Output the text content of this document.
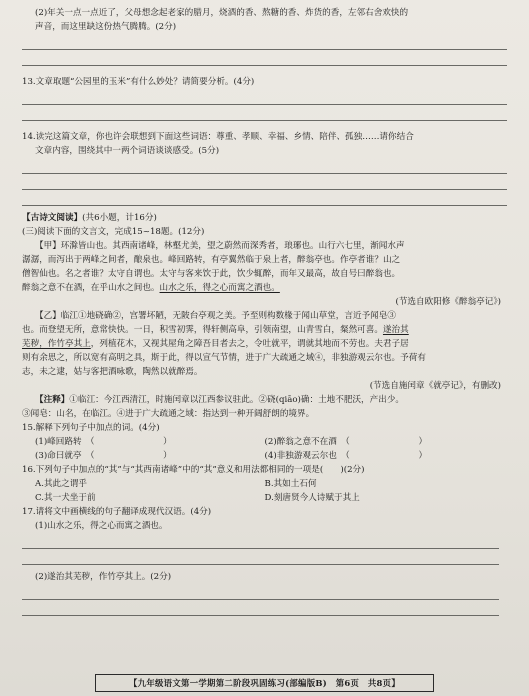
(2)年关一点一点近了，父母想念起老家的腊月，烧酒的香、熬糖的香、炸货的香，左邻右舍欢快的

声音，而这里缺这份热气腾腾。(2分)

13.文章取题“公园里的玉米”有什么妙处？请简要分析。(4分)

14.读完这篇文章，你也许会联想到下面这些词语：尊重、孝顺、幸福、乡情、陪伴、孤独……请你结合

文章内容，围绕其中一两个词语谈谈感受。(5分)

【古诗文阅读】(共6小题，计16分)

(三)阅读下面的文言文，完成15~18题。(12分)

【甲】环滁皆山也。其西南诸峰，林壑尤美，望之蔚然而深秀者，琅琊也。山行六七里，渐闻水声

潺潺，而泻出于两峰之间者，酿泉也。峰回路转，有亭翼然临于泉上者，醉翁亭也。作亭者谁？山之

僧智仙也。名之者谁？太守自谓也。太守与客来饮于此，饮少辄醉，而年又最高，故自号曰醉翁也。

醉翁之意不在酒，在乎山水之间也。山水之乐，得之心而寓之酒也。

(节选自欧阳修《醉翁亭记》)

【乙】临江①地硗确②，宫署坏陋，无陂台亭观之美。予至则构数椽于闻山草堂，言近予闻皂③

也。而登望无所，意常快快。一日，积雪初霁，得轩侧高阜，引领南望，山青雪白，粲然可喜。遂治其

芜秽，作竹亭其上，列植花木，又视其屋角之障吾目者去之，令吐就平，谓就其地而不劳也。夫君子居

则有余思之，所以宽有高明之具，斯于此，得以宣气节情，进于广大疏通之域④，非独游观云尔也。予荷有

志，未之逮，姑与客把酒咏歌，陶然以就醉焉。

(节选自施闰章《就亭记》，有删改)

【注释】①临江：今江西清江，时施闰章以江西参议驻此。②硗(qiāo)确：土地不肥沃，产出少。

③闻皂：山名，在临江。④进于广大疏通之域：指达到一种开阔舒朗的境界。

15.解释下列句子中加点的词。(4分)

(1)峰回路转　（　　　　　　　　）	(2)醉翁之意不在酒　（　　　　　　　　）
(3)命曰就亭　（　　　　　　　　）	(4)非独游观云尔也　（　　　　　　　　）

16.下列句子中加点的“其”与“其西南诸峰”中的“其”意义和用法都相同的一项是(　　)(2分)

A.其此之谓乎	B.其如土石何
C.其一犬坐于前	D.刻唐贤今人诗赋于其上

17.请将文中画横线的句子翻译成现代汉语。(4分)

(1)山水之乐，得之心而寓之酒也。

(2)遂治其芜秽，作竹亭其上。(2分)

【九年级语文第一学期第二阶段巩固练习(部编版B)　第6页　共8页】
